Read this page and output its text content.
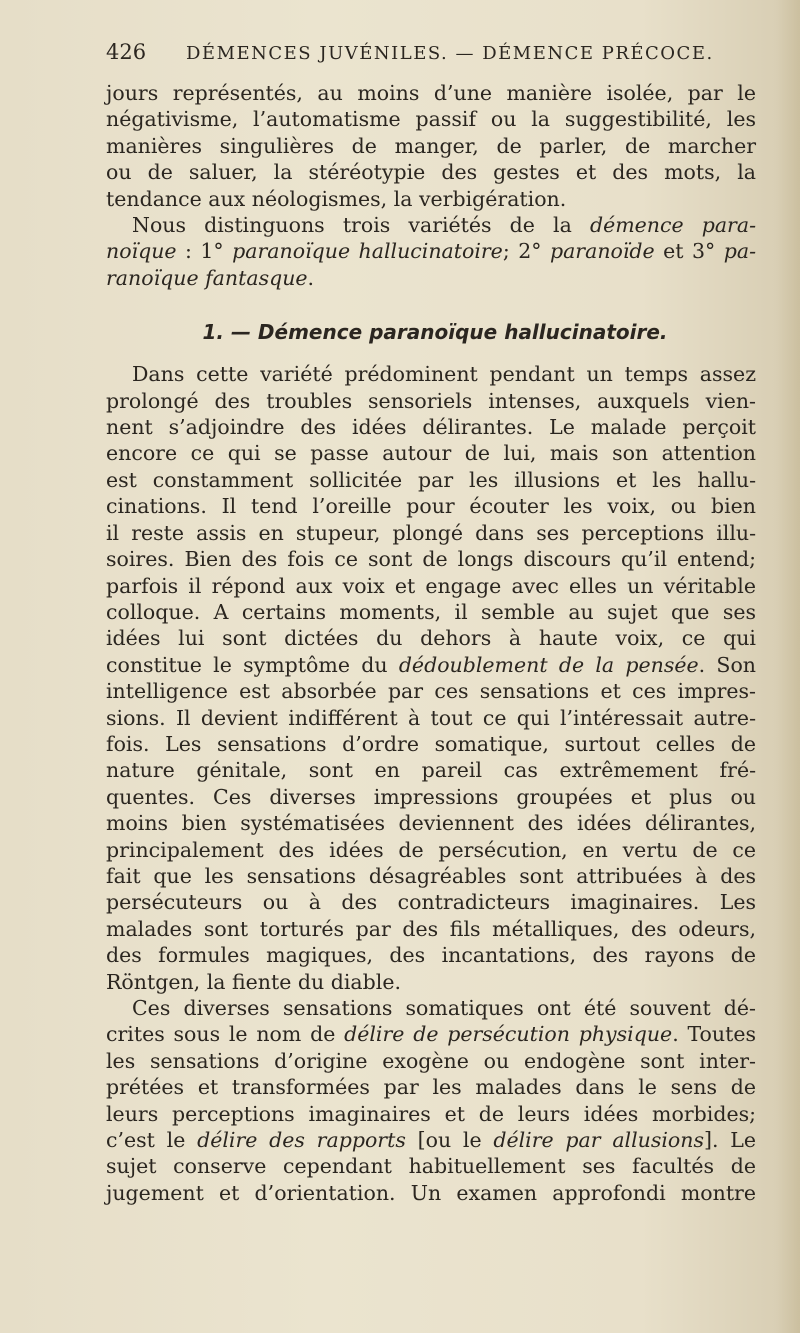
426 DÉMENCES JUVÉNILES. — DÉMENCE PRÉCOCE.

jours représentés, au moins d’une manière isolée, par le
négativisme, l’automatisme passif ou la suggestibilité, les
manières singulières de manger, de parler, de marcher
ou de saluer, la stéréotypie des gestes et des mots, la
tendance aux néologismes, la verbigération.

Nous distinguons trois variétés de la démence para-
noïque : 1° paranoïque hallucinatoire; 2° paranoïde et 3° pa-
ranoïque fantasque.

1. — Démence paranoïque hallucinatoire.

Dans cette variété prédominent pendant un temps assez
prolongé des troubles sensoriels intenses, auxquels vien-
nent s’adjoindre des idées délirantes. Le malade perçoit
encore ce qui se passe autour de lui, mais son attention
est constamment sollicitée par les illusions et les hallu-
cinations. Il tend l’oreille pour écouter les voix, ou bien
il reste assis en stupeur, plongé dans ses perceptions illu-
soires. Bien des fois ce sont de longs discours qu’il entend;
parfois il répond aux voix et engage avec elles un véritable
colloque. A certains moments, il semble au sujet que ses
idées lui sont dictées du dehors à haute voix, ce qui
constitue le symptôme du dédoublement de la pensée. Son
intelligence est absorbée par ces sensations et ces impres-
sions. Il devient indifférent à tout ce qui l’intéressait autre-
fois. Les sensations d’ordre somatique, surtout celles de
nature génitale, sont en pareil cas extrêmement fré-
quentes. Ces diverses impressions groupées et plus ou
moins bien systématisées deviennent des idées délirantes,
principalement des idées de persécution, en vertu de ce
fait que les sensations désagréables sont attribuées à des
persécuteurs ou à des contradicteurs imaginaires. Les
malades sont torturés par des fils métalliques, des odeurs,
des formules magiques, des incantations, des rayons de
Röntgen, la fiente du diable.

Ces diverses sensations somatiques ont été souvent dé-
crites sous le nom de délire de persécution physique. Toutes
les sensations d’origine exogène ou endogène sont inter-
prétées et transformées par les malades dans le sens de
leurs perceptions imaginaires et de leurs idées morbides;
c’est le délire des rapports [ou le délire par allusions]. Le
sujet conserve cependant habituellement ses facultés de
jugement et d’orientation. Un examen approfondi montre
